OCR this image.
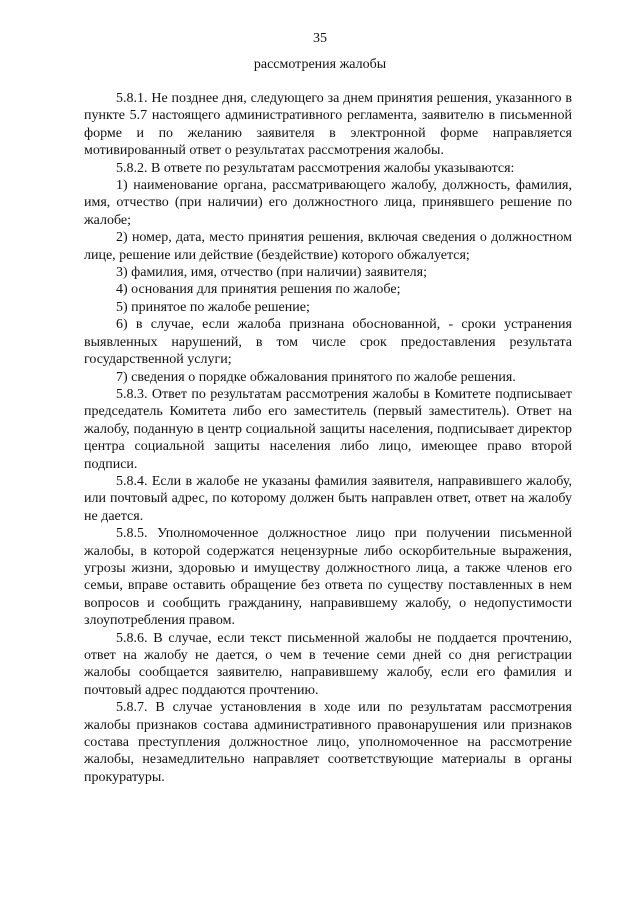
35
рассмотрения жалобы

5.8.1. Не позднее дня, следующего за днем принятия решения, указанного в пункте 5.7 настоящего административного регламента, заявителю в письменной форме и по желанию заявителя в электронной форме направляется мотивированный ответ о результатах рассмотрения жалобы.

5.8.2. В ответе по результатам рассмотрения жалобы указываются:

1) наименование органа, рассматривающего жалобу, должность, фамилия, имя, отчество (при наличии) его должностного лица, принявшего решение по жалобе;

2) номер, дата, место принятия решения, включая сведения о должностном лице, решение или действие (бездействие) которого обжалуется;

3) фамилия, имя, отчество (при наличии) заявителя;

4) основания для принятия решения по жалобе;

5) принятое по жалобе решение;

6) в случае, если жалоба признана обоснованной, - сроки устранения выявленных нарушений, в том числе срок предоставления результата государственной услуги;

7) сведения о порядке обжалования принятого по жалобе решения.

5.8.3. Ответ по результатам рассмотрения жалобы в Комитете подписывает председатель Комитета либо его заместитель (первый заместитель). Ответ на жалобу, поданную в центр социальной защиты населения, подписывает директор центра социальной защиты населения либо лицо, имеющее право второй подписи.

5.8.4. Если в жалобе не указаны фамилия заявителя, направившего жалобу, или почтовый адрес, по которому должен быть направлен ответ, ответ на жалобу не дается.

5.8.5. Уполномоченное должностное лицо при получении письменной жалобы, в которой содержатся нецензурные либо оскорбительные выражения, угрозы жизни, здоровью и имуществу должностного лица, а также членов его семьи, вправе оставить обращение без ответа по существу поставленных в нем вопросов и сообщить гражданину, направившему жалобу, о недопустимости злоупотребления правом.

5.8.6. В случае, если текст письменной жалобы не поддается прочтению, ответ на жалобу не дается, о чем в течение семи дней со дня регистрации жалобы сообщается заявителю, направившему жалобу, если его фамилия и почтовый адрес поддаются прочтению.

5.8.7. В случае установления в ходе или по результатам рассмотрения жалобы признаков состава административного правонарушения или признаков состава преступления должностное лицо, уполномоченное на рассмотрение жалобы, незамедлительно направляет соответствующие материалы в органы прокуратуры.
